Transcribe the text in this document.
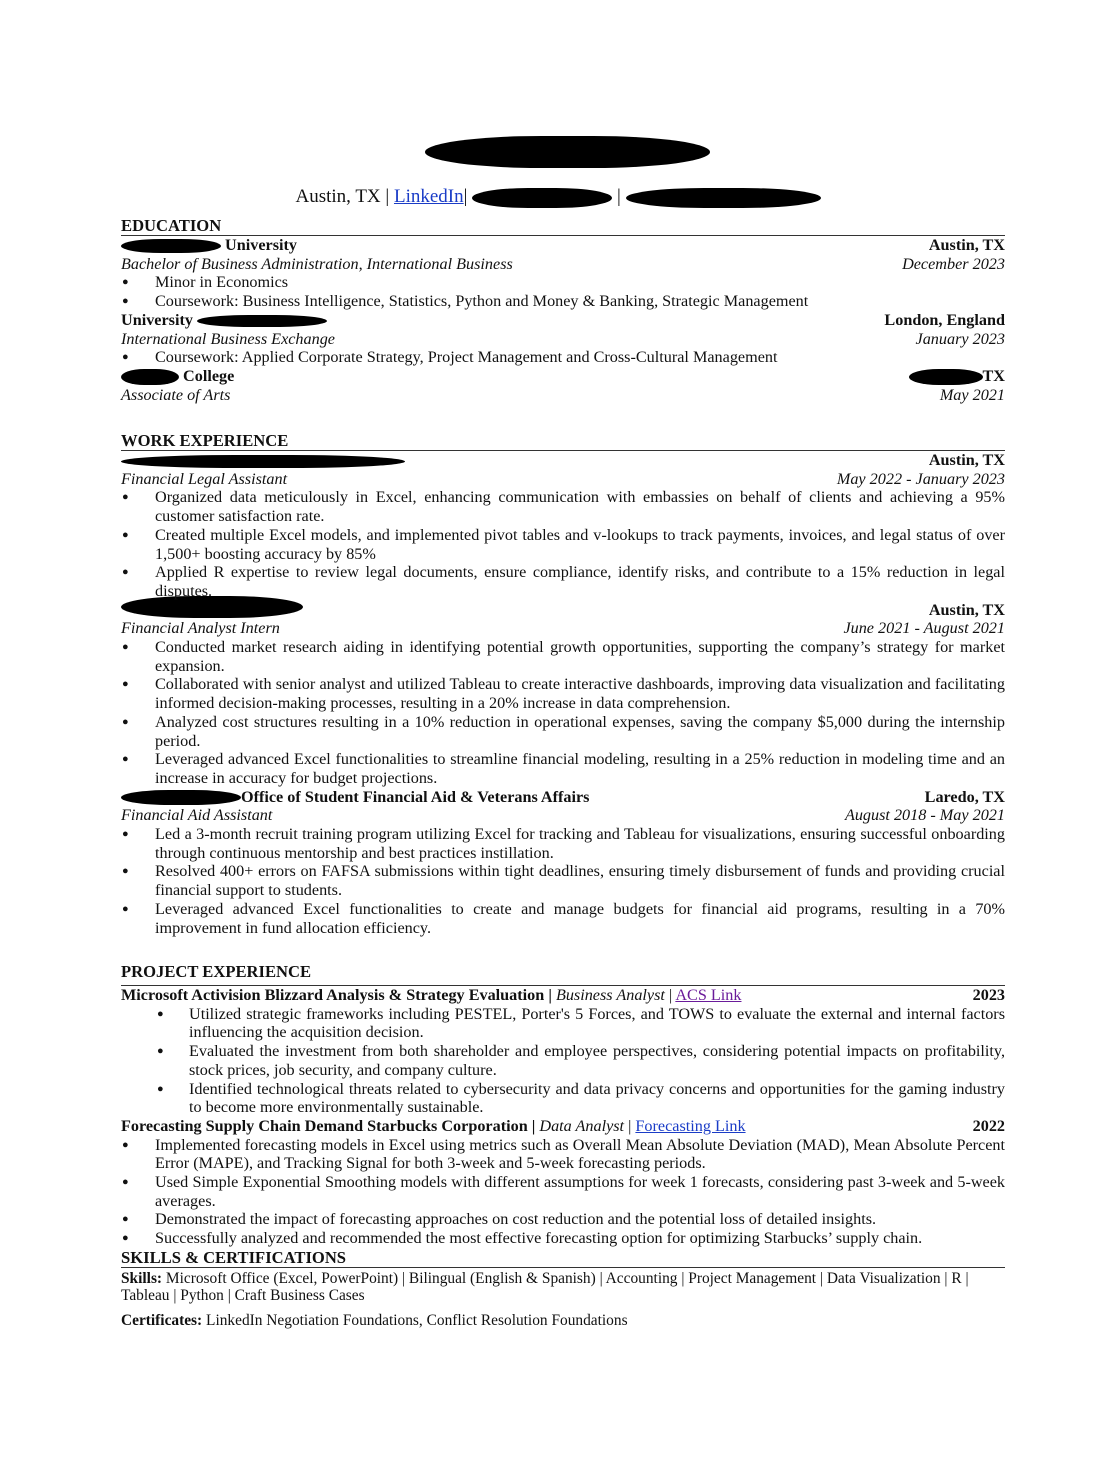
Austin, TX | LinkedIn|	|
EDUCATION
University	Austin, TX
Bachelor of Business Administration, International Business	December 2023
● Minor in Economics
● Coursework: Business Intelligence, Statistics, Python and Money & Banking, Strategic Management
University	London, England
International Business Exchange	January 2023
● Coursework: Applied Corporate Strategy, Project Management and Cross-Cultural Management
College	TX
Associate of Arts	May 2021
WORK EXPERIENCE
Austin, TX
Financial Legal Assistant	May 2022 - January 2023
● Organized data meticulously in Excel, enhancing communication with embassies on behalf of clients and achieving a 95% customer satisfaction rate.
● Created multiple Excel models, and implemented pivot tables and v-lookups to track payments, invoices, and legal status of over 1,500+ boosting accuracy by 85%
● Applied R expertise to review legal documents, ensure compliance, identify risks, and contribute to a 15% reduction in legal disputes.
Austin, TX
Financial Analyst Intern	June 2021 - August 2021
● Conducted market research aiding in identifying potential growth opportunities, supporting the company’s strategy for market expansion.
● Collaborated with senior analyst and utilized Tableau to create interactive dashboards, improving data visualization and facilitating informed decision-making processes, resulting in a 20% increase in data comprehension.
● Analyzed cost structures resulting in a 10% reduction in operational expenses, saving the company $5,000 during the internship period.
● Leveraged advanced Excel functionalities to streamline financial modeling, resulting in a 25% reduction in modeling time and an increase in accuracy for budget projections.
Office of Student Financial Aid & Veterans Affairs	Laredo, TX
Financial Aid Assistant	August 2018 - May 2021
● Led a 3-month recruit training program utilizing Excel for tracking and Tableau for visualizations, ensuring successful onboarding through continuous mentorship and best practices instillation.
● Resolved 400+ errors on FAFSA submissions within tight deadlines, ensuring timely disbursement of funds and providing crucial financial support to students.
● Leveraged advanced Excel functionalities to create and manage budgets for financial aid programs, resulting in a 70% improvement in fund allocation efficiency.
PROJECT EXPERIENCE
Microsoft Activision Blizzard Analysis & Strategy Evaluation | Business Analyst | ACS Link	2023
● Utilized strategic frameworks including PESTEL, Porter's 5 Forces, and TOWS to evaluate the external and internal factors influencing the acquisition decision.
● Evaluated the investment from both shareholder and employee perspectives, considering potential impacts on profitability, stock prices, job security, and company culture.
● Identified technological threats related to cybersecurity and data privacy concerns and opportunities for the gaming industry to become more environmentally sustainable.
Forecasting Supply Chain Demand Starbucks Corporation | Data Analyst | Forecasting Link	2022
● Implemented forecasting models in Excel using metrics such as Overall Mean Absolute Deviation (MAD), Mean Absolute Percent Error (MAPE), and Tracking Signal for both 3-week and 5-week forecasting periods.
● Used Simple Exponential Smoothing models with different assumptions for week 1 forecasts, considering past 3-week and 5-week averages.
● Demonstrated the impact of forecasting approaches on cost reduction and the potential loss of detailed insights.
● Successfully analyzed and recommended the most effective forecasting option for optimizing Starbucks’ supply chain.
SKILLS & CERTIFICATIONS
Skills: Microsoft Office (Excel, PowerPoint) | Bilingual (English & Spanish) | Accounting | Project Management | Data Visualization | R | Tableau | Python | Craft Business Cases
Certificates: LinkedIn Negotiation Foundations, Conflict Resolution Foundations
